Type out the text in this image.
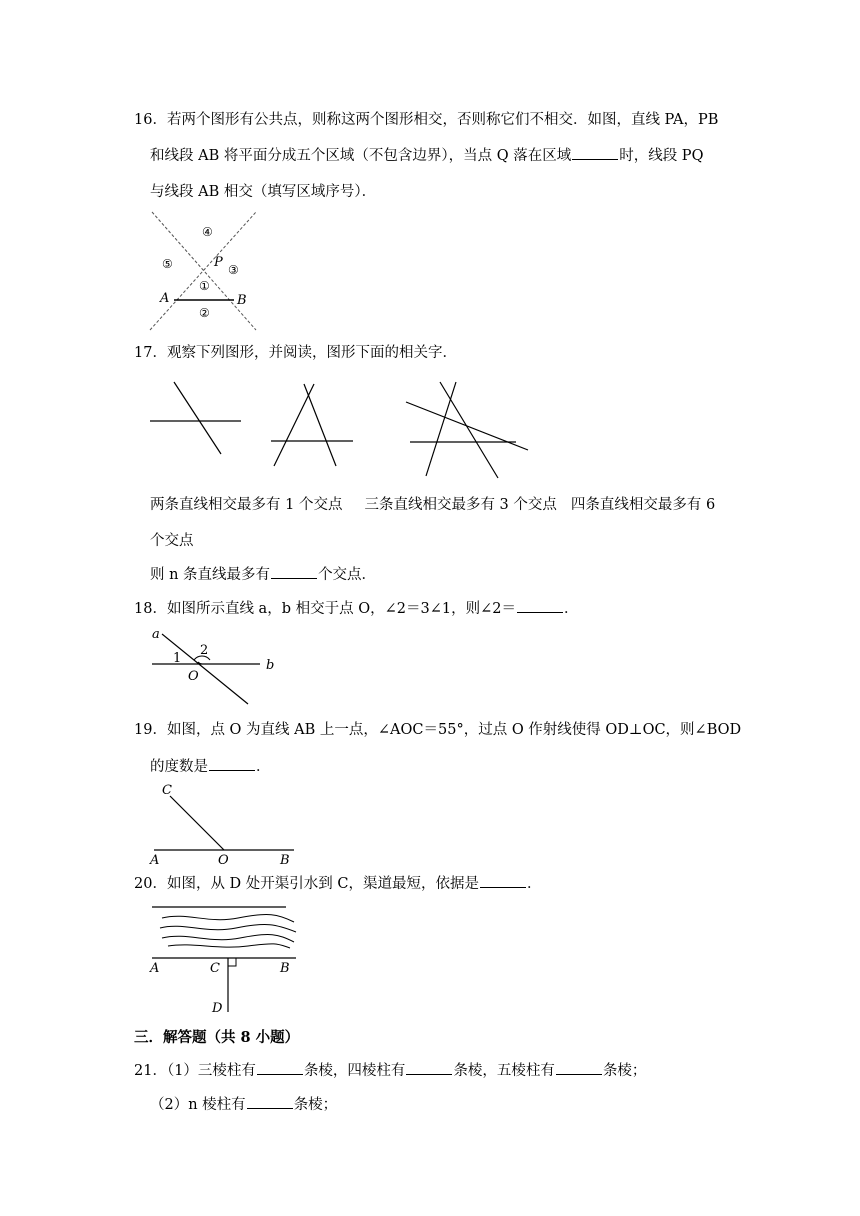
16．若两个图形有公共点，则称这两个图形相交，否则称它们不相交．如图，直线 PA，PB
和线段 AB 将平面分成五个区域（不包含边界），当点 Q 落在区域	时，线段 PQ
与线段 AB 相交（填写区域序号）．
④
⑤	P ③
①
A	B
②
17．观察下列图形，并阅读，图形下面的相关字．
两条直线相交最多有 1 个交点 三条直线相交最多有 3 个交点 四条直线相交最多有 6
个交点
则 n 条直线最多有	个交点．
18．如图所示直线 a，b 相交于点 O，∠2＝3∠1，则∠2＝	．
a
b
1
2
O
19．如图，点 O 为直线 AB 上一点，∠AOC＝55°，过点 O 作射线使得 OD⊥OC，则∠BOD
的度数是	．
C
A	O	B
20．如图，从 D 处开渠引水到 C，渠道最短，依据是	．
A	C	B
D
三．解答题（共 8 小题）
21．（1）三棱柱有	条棱，四棱柱有	条棱，五棱柱有	条棱；
（2）n 棱柱有	条棱；
